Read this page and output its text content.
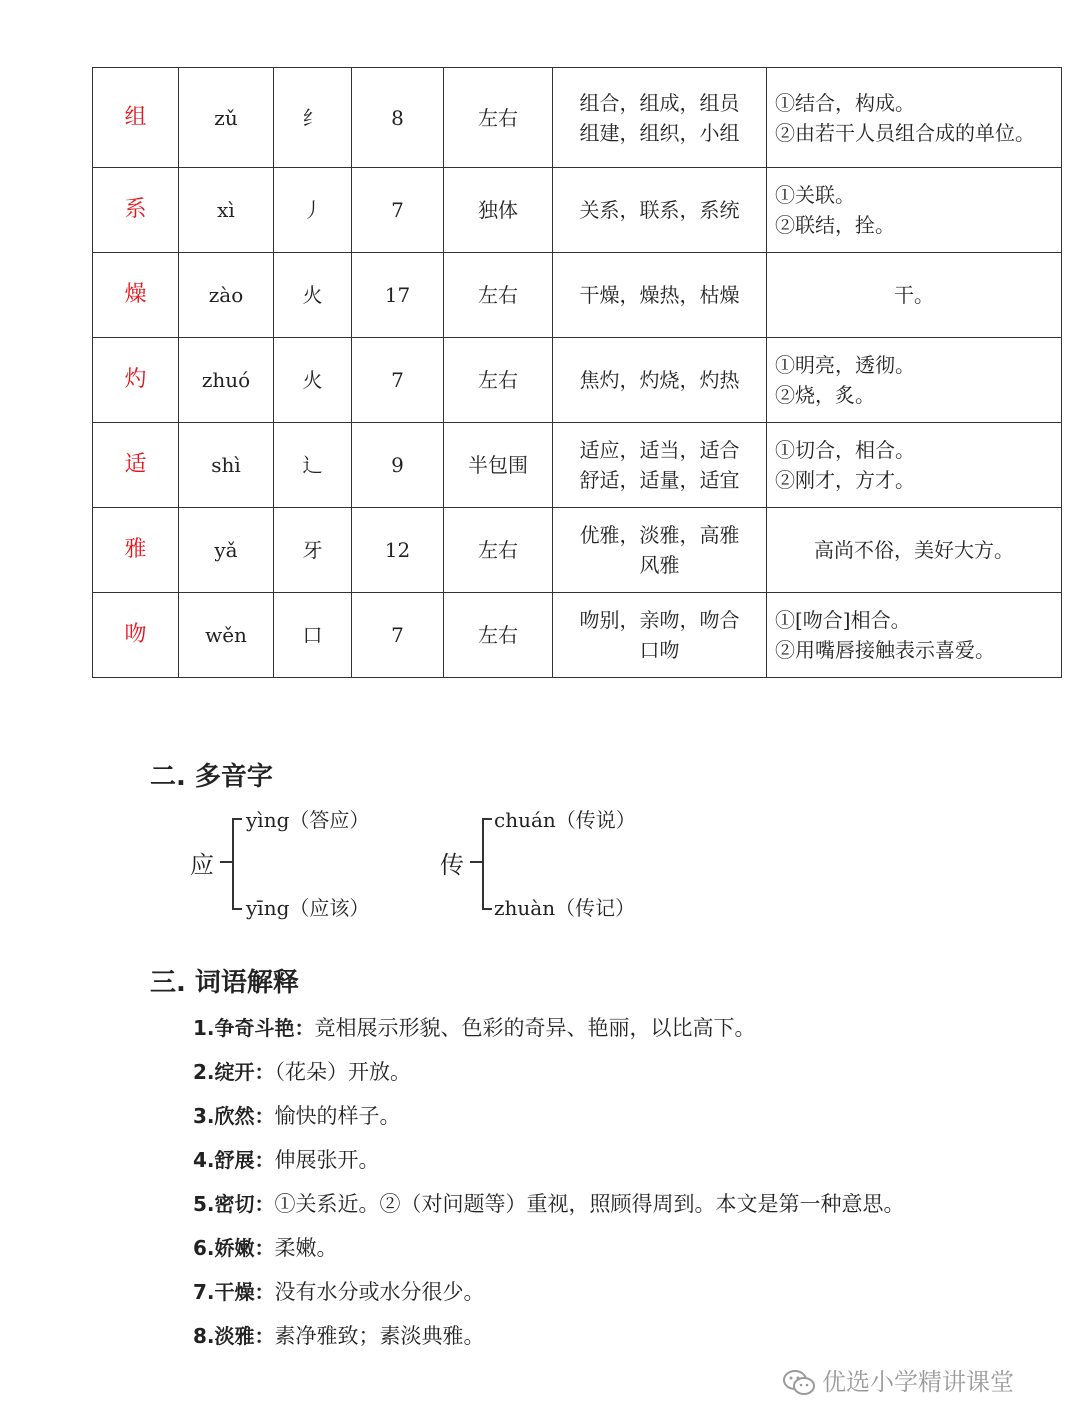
组	zǔ	纟	8	左右	组合，组成，组员
组建，组织，小组	①结合，构成。
②由若干人员组合成的单位。

系	xì	丿	7	独体	关系，联系，系统	①关联。
②联结，拴。

燥	zào	火	17	左右	干燥，燥热，枯燥	干。

灼	zhuó	火	7	左右	焦灼，灼烧，灼热	①明亮，透彻。
②烧，炙。

适	shì	辶	9	半包围	适应，适当，适合
舒适，适量，适宜	①切合，相合。
②刚才，方才。

雅	yǎ	牙	12	左右	优雅，淡雅，高雅
风雅	高尚不俗，美好大方。

吻	wěn	口	7	左右	吻别，亲吻，吻合
口吻	①[吻合]相合。
②用嘴唇接触表示喜爱。
二. 多音字
应
yìng（答应）
yīng（应该）
传
chuán（传说）
zhuàn（传记）
三. 词语解释
1.争奇斗艳：竞相展示形貌、色彩的奇异、艳丽，以比高下。
2.绽开：（花朵）开放。
3.欣然：愉快的样子。
4.舒展：伸展张开。
5.密切：①关系近。②（对问题等）重视，照顾得周到。本文是第一种意思。
6.娇嫩：柔嫩。
7.干燥：没有水分或水分很少。
8.淡雅：素净雅致；素淡典雅。
优选小学精讲课堂
